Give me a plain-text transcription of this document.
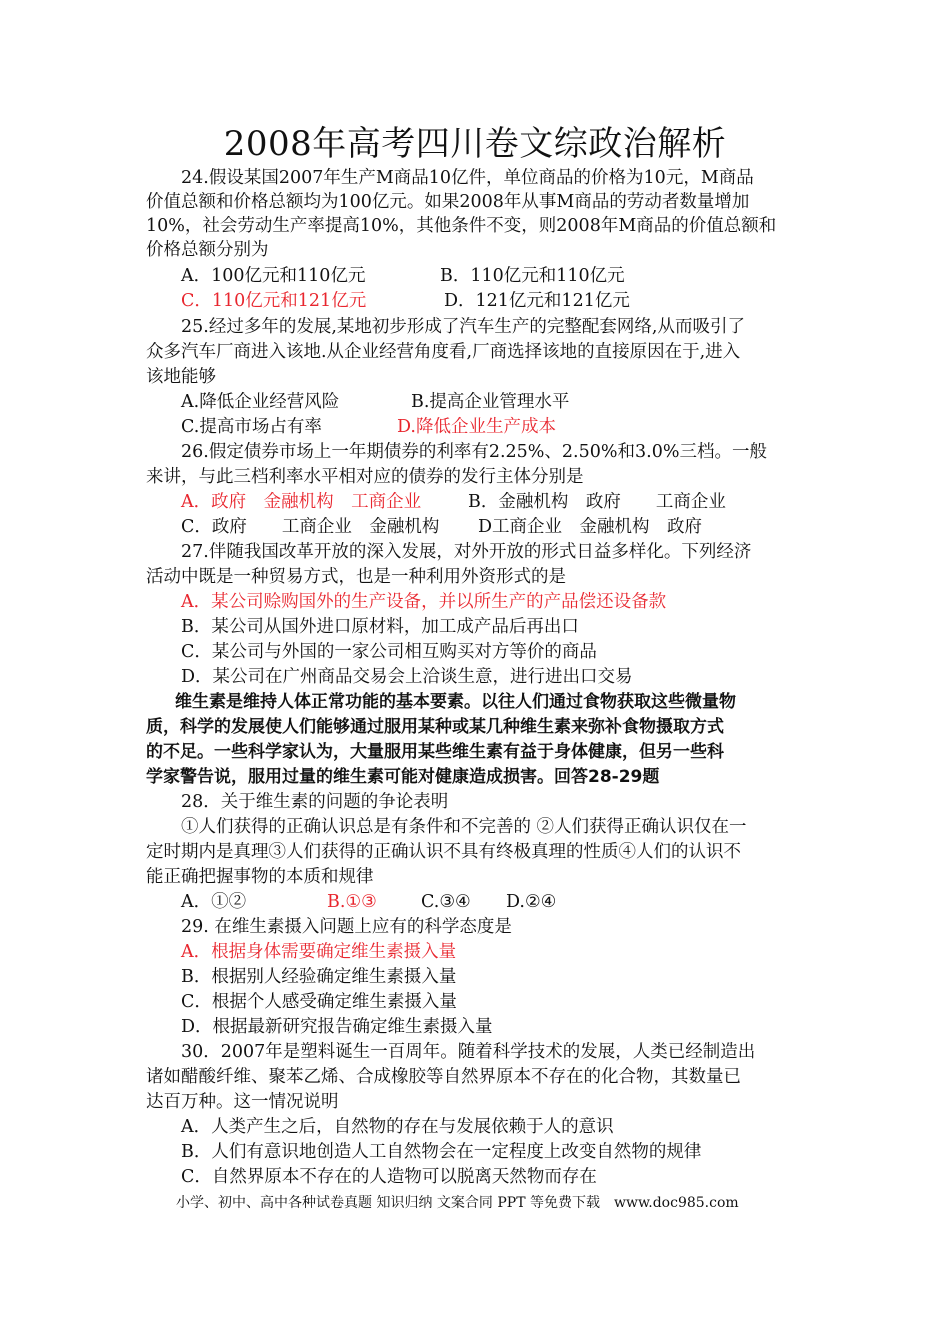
2008年高考四川卷文综政治解析
24.假设某国2007年生产M商品10亿件，单位商品的价格为10元，M商品
价值总额和价格总额均为100亿元。如果2008年从事M商品的劳动者数量增加
10%，社会劳动生产率提高10%，其他条件不变，则2008年M商品的价值总额和
价格总额分别为
A．100亿元和110亿元	B．110亿元和110亿元
C．110亿元和121亿元	D．121亿元和121亿元
25.经过多年的发展,某地初步形成了汽车生产的完整配套网络,从而吸引了
众多汽车厂商进入该地.从企业经营角度看,厂商选择该地的直接原因在于,进入
该地能够
A.降低企业经营风险	B.提高企业管理水平
C.提高市场占有率	D.降低企业生产成本
26.假定债券市场上一年期债券的利率有2.25%、2.50%和3.0%三档。一般
来讲，与此三档利率水平相对应的债券的发行主体分别是
A．政府　金融机构　工商企业	B．金融机构　政府　　工商企业
C．政府　　工商企业　金融机构 D工商企业　金融机构　政府
27.伴随我国改革开放的深入发展，对外开放的形式日益多样化。下列经济
活动中既是一种贸易方式，也是一种利用外资形式的是
A．某公司赊购国外的生产设备，并以所生产的产品偿还设备款
B．某公司从国外进口原材料，加工成产品后再出口
C．某公司与外国的一家公司相互购买对方等价的商品
D．某公司在广州商品交易会上洽谈生意，进行进出口交易
维生素是维持人体正常功能的基本要素。以往人们通过食物获取这些微量物
质，科学的发展使人们能够通过服用某种或某几种维生素来弥补食物摄取方式
的不足。一些科学家认为，大量服用某些维生素有益于身体健康，但另一些科
学家警告说，服用过量的维生素可能对健康造成损害。回答28-29题
28．关于维生素的问题的争论表明
①人们获得的正确认识总是有条件和不完善的 ②人们获得正确认识仅在一
定时期内是真理③人们获得的正确认识不具有终极真理的性质④人们的认识不
能正确把握事物的本质和规律
A．①②	B.①③	C.③④ D.②④
29. 在维生素摄入问题上应有的科学态度是
A．根据身体需要确定维生素摄入量
B．根据别人经验确定维生素摄入量
C．根据个人感受确定维生素摄入量
D．根据最新研究报告确定维生素摄入量
30．2007年是塑料诞生一百周年。随着科学技术的发展，人类已经制造出
诸如醋酸纤维、聚苯乙烯、合成橡胶等自然界原本不存在的化合物，其数量已
达百万种。这一情况说明
A．人类产生之后，自然物的存在与发展依赖于人的意识
B．人们有意识地创造人工自然物会在一定程度上改变自然物的规律
C．自然界原本不存在的人造物可以脱离天然物而存在
小学、初中、高中各种试卷真题 知识归纳 文案合同 PPT 等免费下载　www.doc985.com
